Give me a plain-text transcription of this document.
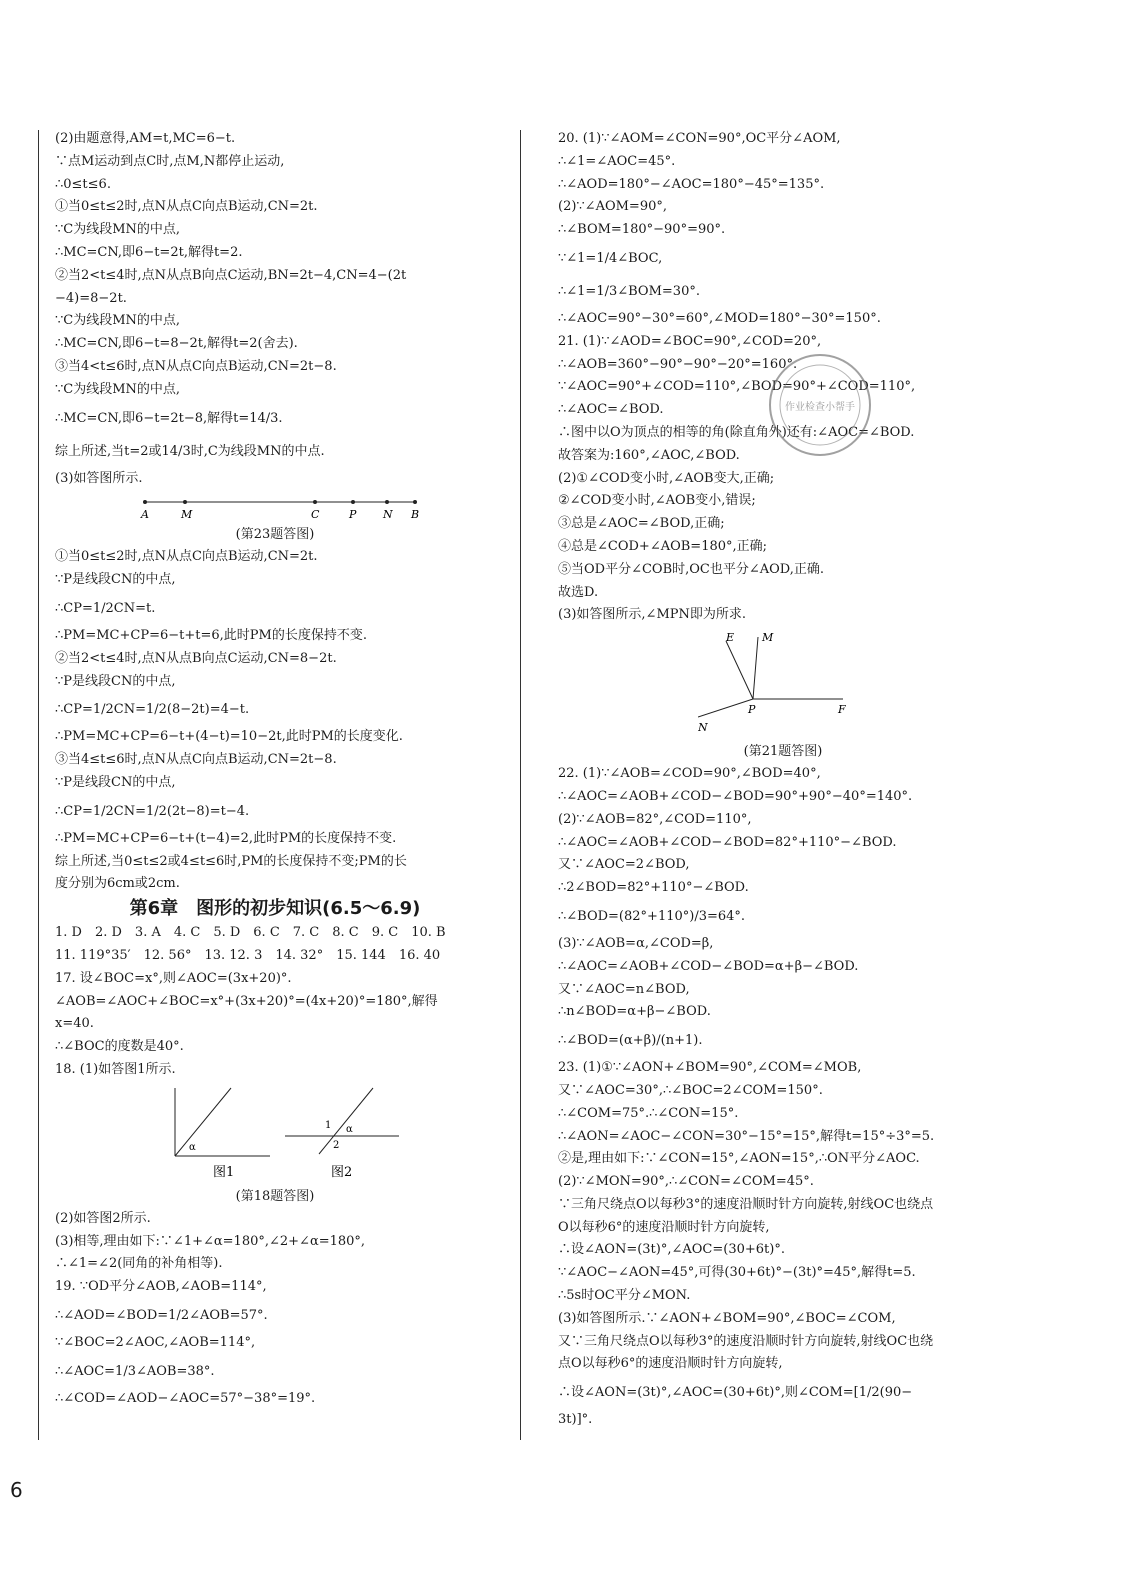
(2)由题意得,AM=t,MC=6−t.
∵点M运动到点C时,点M,N都停止运动,
∴0≤t≤6.
①当0≤t≤2时,点N从点C向点B运动,CN=2t.
∵C为线段MN的中点,
∴MC=CN,即6−t=2t,解得t=2.
②当2<t≤4时,点N从点B向点C运动,BN=2t−4,CN=4−(2t
−4)=8−2t.
∵C为线段MN的中点,
∴MC=CN,即6−t=8−2t,解得t=2(舍去).
③当4<t≤6时,点N从点C向点B运动,CN=2t−8.
∵C为线段MN的中点,
∴MC=CN,即6−t=2t−8,解得t=14/3.
综上所述,当t=2或14/3时,C为线段MN的中点.
(3)如答图所示.
A	M	C	P N B
(第23题答图)
①当0≤t≤2时,点N从点C向点B运动,CN=2t.
∵P是线段CN的中点,
∴CP=1/2CN=t.
∴PM=MC+CP=6−t+t=6,此时PM的长度保持不变.
②当2<t≤4时,点N从点B向点C运动,CN=8−2t.
∵P是线段CN的中点,
∴CP=1/2CN=1/2(8−2t)=4−t.
∴PM=MC+CP=6−t+(4−t)=10−2t,此时PM的长度变化.
③当4≤t≤6时,点N从点C向点B运动,CN=2t−8.
∵P是线段CN的中点,
∴CP=1/2CN=1/2(2t−8)=t−4.
∴PM=MC+CP=6−t+(t−4)=2,此时PM的长度保持不变.
综上所述,当0≤t≤2或4≤t≤6时,PM的长度保持不变;PM的长
度分别为6cm或2cm.
第6章　图形的初步知识(6.5～6.9)
1. D　2. D　3. A　4. C　5. D　6. C　7. C　8. C　9. C　10. B
11. 119°35′　12. 56°　13. 12. 3　14. 32°　15. 144　16. 40
17. 设∠BOC=x°,则∠AOC=(3x+20)°.
∠AOB=∠AOC+∠BOC=x°+(3x+20)°=(4x+20)°=180°,解得
x=40.
∴∠BOC的度数是40°.
18. (1)如答图1所示.
α
图1
1 α
2
图2
(第18题答图)
(2)如答图2所示.
(3)相等,理由如下:∵∠1+∠α=180°,∠2+∠α=180°,
∴∠1=∠2(同角的补角相等).
19. ∵OD平分∠AOB,∠AOB=114°,
∴∠AOD=∠BOD=1/2∠AOB=57°.
∵∠BOC=2∠AOC,∠AOB=114°,
∴∠AOC=1/3∠AOB=38°.
∴∠COD=∠AOD−∠AOC=57°−38°=19°.
20. (1)∵∠AOM=∠CON=90°,OC平分∠AOM,
∴∠1=∠AOC=45°.
∴∠AOD=180°−∠AOC=180°−45°=135°.
(2)∵∠AOM=90°,
∴∠BOM=180°−90°=90°.
∵∠1=1/4∠BOC,
∴∠1=1/3∠BOM=30°.
∴∠AOC=90°−30°=60°,∠MOD=180°−30°=150°.
21. (1)∵∠AOD=∠BOC=90°,∠COD=20°,
∴∠AOB=360°−90°−90°−20°=160°.
∵∠AOC=90°+∠COD=110°,∠BOD=90°+∠COD=110°,
∴∠AOC=∠BOD.
∴图中以O为顶点的相等的角(除直角外)还有:∠AOC=∠BOD.
故答案为:160°,∠AOC,∠BOD.
(2)①∠COD变小时,∠AOB变大,正确;
②∠COD变小时,∠AOB变小,错误;
③总是∠AOC=∠BOD,正确;
④总是∠COD+∠AOB=180°,正确;
⑤当OD平分∠COB时,OC也平分∠AOD,正确.
故选D.
(3)如答图所示,∠MPN即为所求.
E	M
P	F
N
(第21题答图)
22. (1)∵∠AOB=∠COD=90°,∠BOD=40°,
∴∠AOC=∠AOB+∠COD−∠BOD=90°+90°−40°=140°.
(2)∵∠AOB=82°,∠COD=110°,
∴∠AOC=∠AOB+∠COD−∠BOD=82°+110°−∠BOD.
又∵∠AOC=2∠BOD,
∴2∠BOD=82°+110°−∠BOD.
∴∠BOD=(82°+110°)/3=64°.
(3)∵∠AOB=α,∠COD=β,
∴∠AOC=∠AOB+∠COD−∠BOD=α+β−∠BOD.
又∵∠AOC=n∠BOD,
∴n∠BOD=α+β−∠BOD.
∴∠BOD=(α+β)/(n+1).
23. (1)①∵∠AON+∠BOM=90°,∠COM=∠MOB,
又∵∠AOC=30°,∴∠BOC=2∠COM=150°.
∴∠COM=75°.∴∠CON=15°.
∴∠AON=∠AOC−∠CON=30°−15°=15°,解得t=15°÷3°=5.
②是,理由如下:∵∠CON=15°,∠AON=15°,∴ON平分∠AOC.
(2)∵∠MON=90°,∴∠CON=∠COM=45°.
∵三角尺绕点O以每秒3°的速度沿顺时针方向旋转,射线OC也绕点
O以每秒6°的速度沿顺时针方向旋转,
∴设∠AON=(3t)°,∠AOC=(30+6t)°.
∵∠AOC−∠AON=45°,可得(30+6t)°−(3t)°=45°,解得t=5.
∴5s时OC平分∠MON.
(3)如答图所示.∵∠AON+∠BOM=90°,∠BOC=∠COM,
又∵三角尺绕点O以每秒3°的速度沿顺时针方向旋转,射线OC也绕
点O以每秒6°的速度沿顺时针方向旋转,
∴设∠AON=(3t)°,∠AOC=(30+6t)°,则∠COM=[1/2(90−
3t)]°.
作业检查小帮手
6
